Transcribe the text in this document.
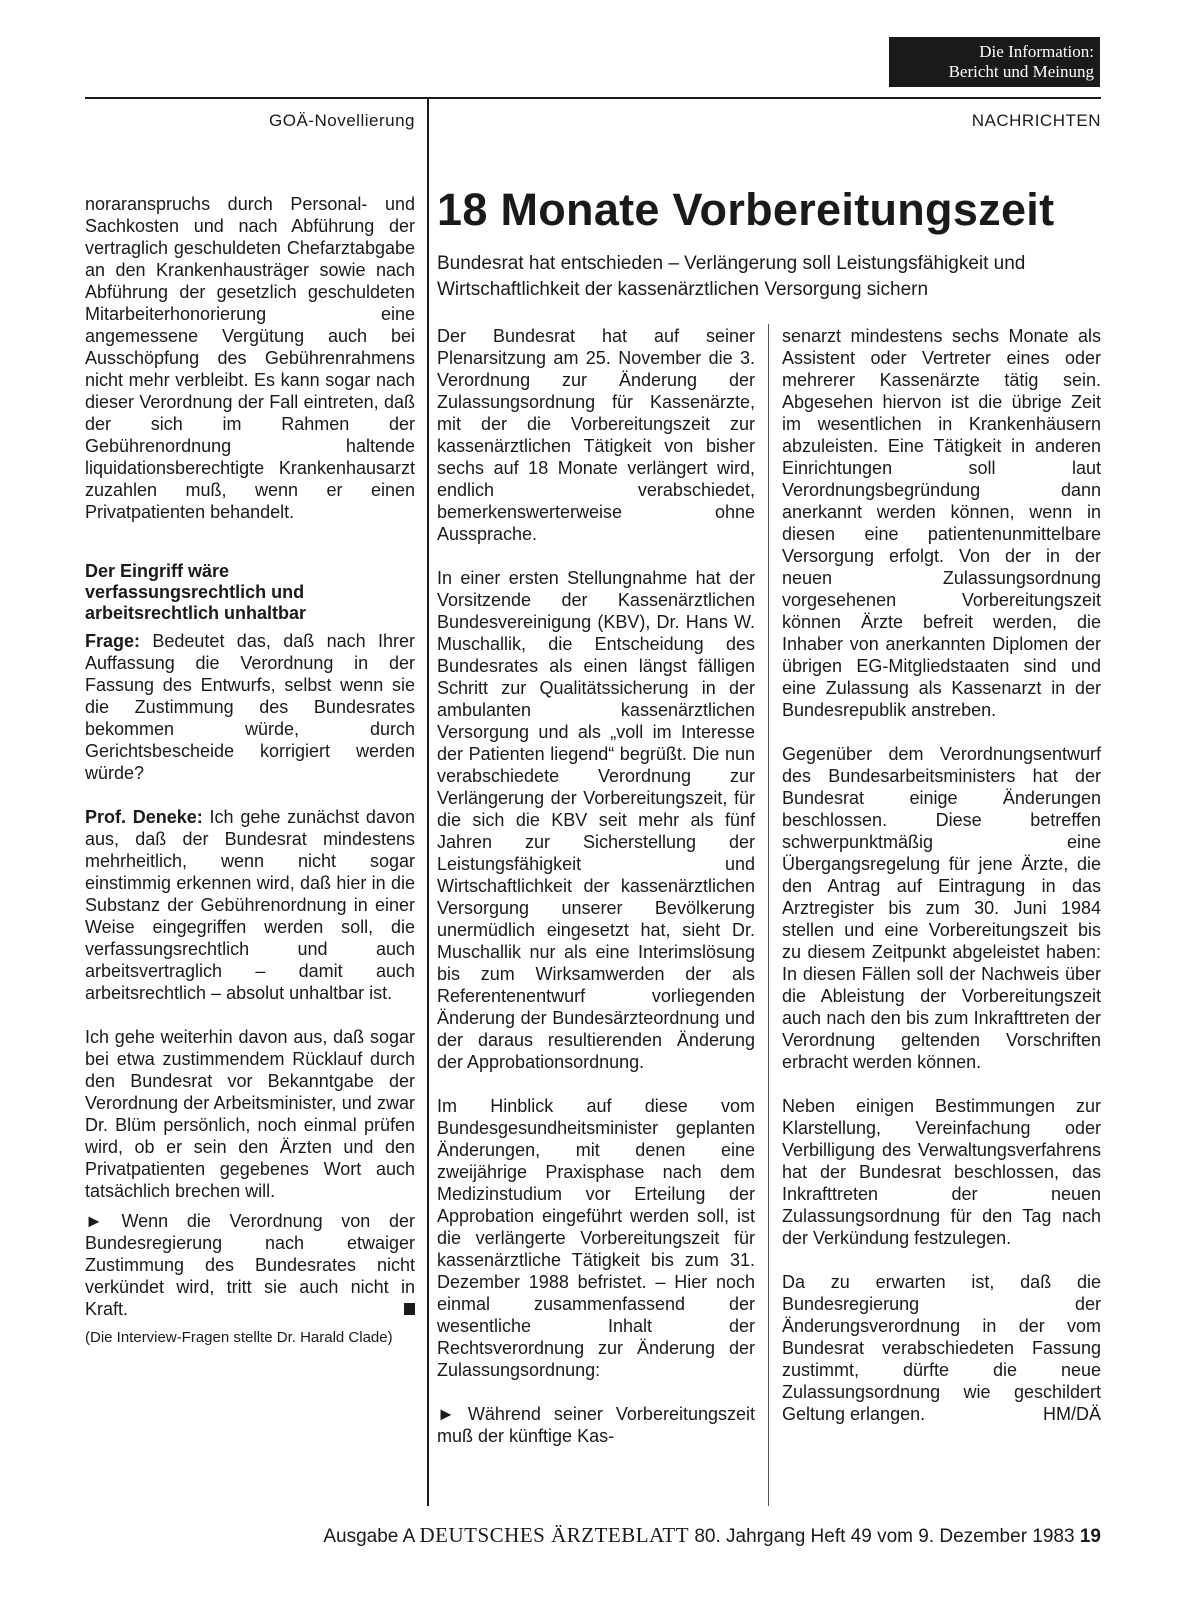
Die Information:
Bericht und Meinung
GOÄ-Novellierung	NACHRICHTEN

noraranspruchs durch Personal- und Sachkosten und nach Abführung der vertraglich geschuldeten Chefarztabgabe an den Krankenhausträger sowie nach Abführung der gesetzlich geschuldeten Mitarbeiterhonorierung eine angemessene Vergütung auch bei Ausschöpfung des Gebührenrahmens nicht mehr verbleibt. Es kann sogar nach dieser Verordnung der Fall eintreten, daß der sich im Rahmen der Gebührenordnung haltende liquidationsberechtigte Krankenhausarzt zuzahlen muß, wenn er einen Privatpatienten behandelt.

Der Eingriff wäre verfassungsrechtlich und arbeitsrechtlich unhaltbar

Frage: Bedeutet das, daß nach Ihrer Auffassung die Verordnung in der Fassung des Entwurfs, selbst wenn sie die Zustimmung des Bundesrates bekommen würde, durch Gerichtsbescheide korrigiert werden würde?

Prof. Deneke: Ich gehe zunächst davon aus, daß der Bundesrat mindestens mehrheitlich, wenn nicht sogar einstimmig erkennen wird, daß hier in die Substanz der Gebührenordnung in einer Weise eingegriffen werden soll, die verfassungsrechtlich und auch arbeitsvertraglich – damit auch arbeitsrechtlich – absolut unhaltbar ist.

Ich gehe weiterhin davon aus, daß sogar bei etwa zustimmendem Rücklauf durch den Bundesrat vor Bekanntgabe der Verordnung der Arbeitsminister, und zwar Dr. Blüm persönlich, noch einmal prüfen wird, ob er sein den Ärzten und den Privatpatienten gegebenes Wort auch tatsächlich brechen will.

► Wenn die Verordnung von der Bundesregierung nach etwaiger Zustimmung des Bundesrates nicht verkündet wird, tritt sie auch nicht in Kraft.

(Die Interview-Fragen stellte Dr. Harald Clade)

18 Monate Vorbereitungszeit
Bundesrat hat entschieden – Verlängerung soll Leistungsfähigkeit und Wirtschaftlichkeit der kassenärztlichen Versorgung sichern

Der Bundesrat hat auf seiner Plenarsitzung am 25. November die 3. Verordnung zur Änderung der Zulassungsordnung für Kassenärzte, mit der die Vorbereitungszeit zur kassenärztlichen Tätigkeit von bisher sechs auf 18 Monate verlängert wird, endlich verabschiedet, bemerkenswerterweise ohne Aussprache.

In einer ersten Stellungnahme hat der Vorsitzende der Kassenärztlichen Bundesvereinigung (KBV), Dr. Hans W. Muschallik, die Entscheidung des Bundesrates als einen längst fälligen Schritt zur Qualitätssicherung in der ambulanten kassenärztlichen Versorgung und als „voll im Interesse der Patienten liegend“ begrüßt. Die nun verabschiedete Verordnung zur Verlängerung der Vorbereitungszeit, für die sich die KBV seit mehr als fünf Jahren zur Sicherstellung der Leistungsfähigkeit und Wirtschaftlichkeit der kassenärztlichen Versorgung unserer Bevölkerung unermüdlich eingesetzt hat, sieht Dr. Muschallik nur als eine Interimslösung bis zum Wirksamwerden der als Referentenentwurf vorliegenden Änderung der Bundesärzteordnung und der daraus resultierenden Änderung der Approbationsordnung.

Im Hinblick auf diese vom Bundesgesundheitsminister geplanten Änderungen, mit denen eine zweijährige Praxisphase nach dem Medizinstudium vor Erteilung der Approbation eingeführt werden soll, ist die verlängerte Vorbereitungszeit für kassenärztliche Tätigkeit bis zum 31. Dezember 1988 befristet. – Hier noch einmal zusammenfassend der wesentliche Inhalt der Rechtsverordnung zur Änderung der Zulassungsordnung:

► Während seiner Vorbereitungszeit muß der künftige Kas-

senarzt mindestens sechs Monate als Assistent oder Vertreter eines oder mehrerer Kassenärzte tätig sein. Abgesehen hiervon ist die übrige Zeit im wesentlichen in Krankenhäusern abzuleisten. Eine Tätigkeit in anderen Einrichtungen soll laut Verordnungsbegründung dann anerkannt werden können, wenn in diesen eine patientenunmittelbare Versorgung erfolgt. Von der in der neuen Zulassungsordnung vorgesehenen Vorbereitungszeit können Ärzte befreit werden, die Inhaber von anerkannten Diplomen der übrigen EG-Mitgliedstaaten sind und eine Zulassung als Kassenarzt in der Bundesrepublik anstreben.

Gegenüber dem Verordnungsentwurf des Bundesarbeitsministers hat der Bundesrat einige Änderungen beschlossen. Diese betreffen schwerpunktmäßig eine Übergangsregelung für jene Ärzte, die den Antrag auf Eintragung in das Arztregister bis zum 30. Juni 1984 stellen und eine Vorbereitungszeit bis zu diesem Zeitpunkt abgeleistet haben: In diesen Fällen soll der Nachweis über die Ableistung der Vorbereitungszeit auch nach den bis zum Inkrafttreten der Verordnung geltenden Vorschriften erbracht werden können.

Neben einigen Bestimmungen zur Klarstellung, Vereinfachung oder Verbilligung des Verwaltungsverfahrens hat der Bundesrat beschlossen, das Inkrafttreten der neuen Zulassungsordnung für den Tag nach der Verkündung festzulegen.

Da zu erwarten ist, daß die Bundesregierung der Änderungsverordnung in der vom Bundesrat verabschiedeten Fassung zustimmt, dürfte die neue Zulassungsordnung wie geschildert Geltung erlangen.	HM/DÄ

Ausgabe A DEUTSCHES ÄRZTEBLATT 80. Jahrgang Heft 49 vom 9. Dezember 1983 19
